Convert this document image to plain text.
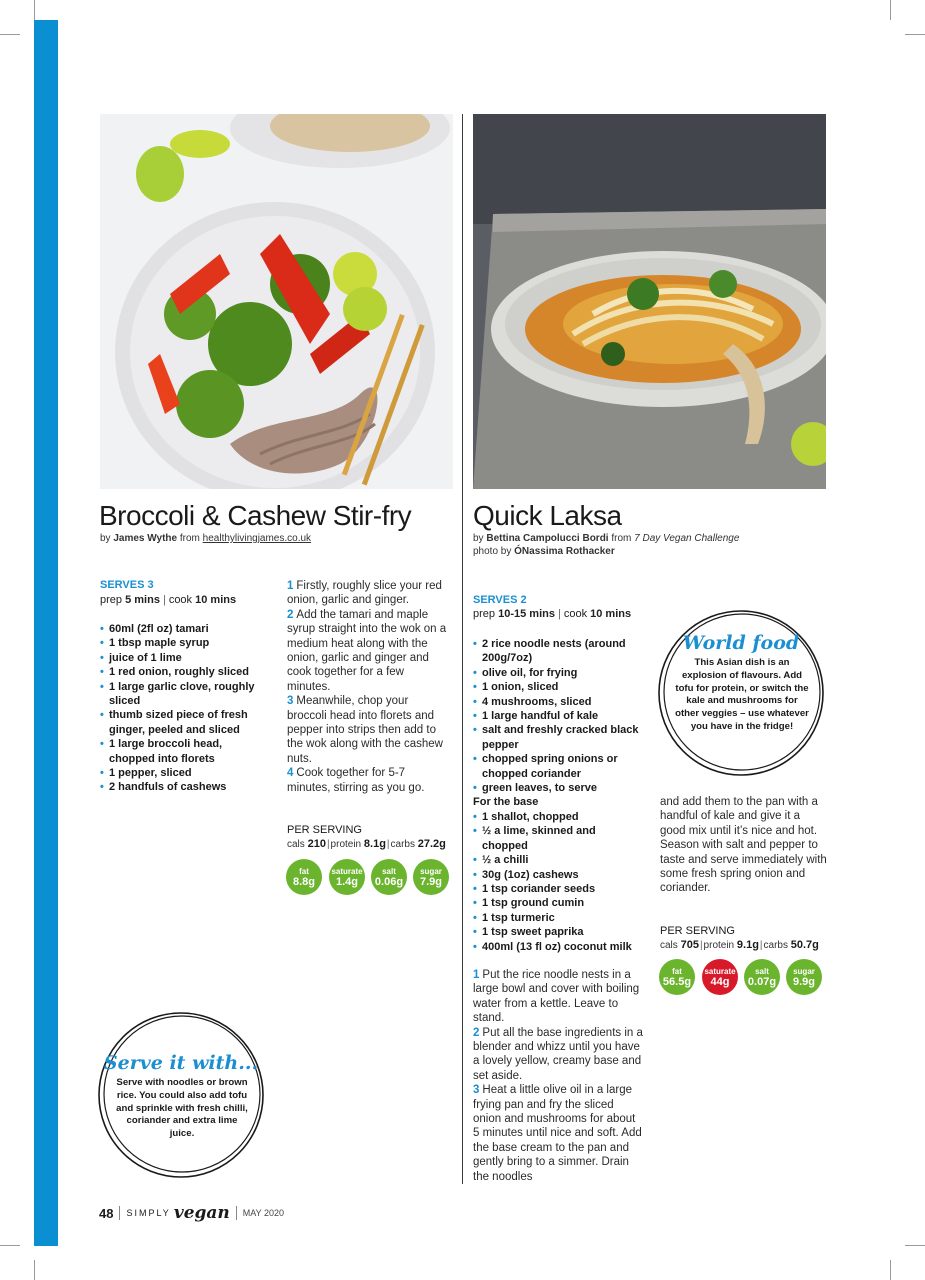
Broccoli & Cashew Stir-fry
by James Wythe from healthylivingjames.co.uk
SERVES 3
prep 5 mins | cook 10 mins
• 60ml (2fl oz) tamari
• 1 tbsp maple syrup
• juice of 1 lime
• 1 red onion, roughly sliced
• 1 large garlic clove, roughly sliced
• thumb sized piece of fresh ginger, peeled and sliced
• 1 large broccoli head, chopped into florets
• 1 pepper, sliced
• 2 handfuls of cashews

1 Firstly, roughly slice your red onion, garlic and ginger.

2 Add the tamari and maple syrup straight into the wok on a medium heat along with the onion, garlic and ginger and cook together for a few minutes.

3 Meanwhile, chop your broccoli head into florets and pepper into strips then add to the wok along with the cashew nuts.

4 Cook together for 5-7 minutes, stirring as you go.

PER SERVING
cals 210|protein 8.1g|carbs 27.2g
fat
8.8g
saturate
1.4g
salt
0.06g
sugar
7.9g
Serve it with...
Serve with noodles or brown rice. You could also add tofu and sprinkle with fresh chilli, coriander and extra lime juice.
Quick Laksa
by Bettina Campolucci Bordi from 7 Day Vegan Challenge
photo by ÓNassima Rothacker
SERVES 2
prep 10-15 mins | cook 10 mins
• 2 rice noodle nests (around 200g/7oz)
• olive oil, for frying
• 1 onion, sliced
• 4 mushrooms, sliced
• 1 large handful of kale
• salt and freshly cracked black pepper
• chopped spring onions or chopped coriander
• green leaves, to serve
For the base
• 1 shallot, chopped
• ½ a lime, skinned and chopped
• ½ a chilli
• 30g (1oz) cashews
• 1 tsp coriander seeds
• 1 tsp ground cumin
• 1 tsp turmeric
• 1 tsp sweet paprika
• 400ml (13 fl oz) coconut milk

1 Put the rice noodle nests in a large bowl and cover with boiling water from a kettle. Leave to stand.

2 Put all the base ingredients in a blender and whizz until you have a lovely yellow, creamy base and set aside.

3 Heat a little olive oil in a large frying pan and fry the sliced onion and mushrooms for about 5 minutes until nice and soft. Add the base cream to the pan and gently bring to a simmer. Drain the noodles

World food
This Asian dish is an explosion of flavours. Add tofu for protein, or switch the kale and mushrooms for other veggies – use whatever you have in the fridge!
and add them to the pan with a handful of kale and give it a good mix until it’s nice and hot. Season with salt and pepper to taste and serve immediately with some fresh spring onion and coriander.
PER SERVING
cals 705|protein 9.1g|carbs 50.7g
fat
56.5g
saturate
44g
salt
0.07g
sugar
9.9g
48 SIMPLY vegan MAY 2020
